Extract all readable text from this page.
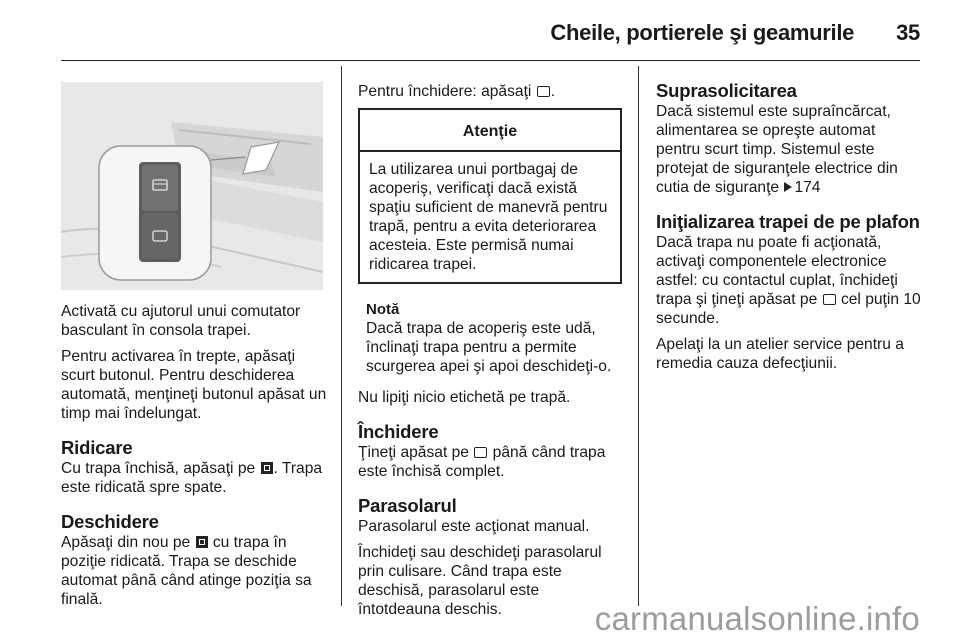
Cheile, portierele şi geamurile 35

Activată cu ajutorul unui comutator basculant în consola trapei.

Pentru activarea în trepte, apăsaţi scurt butonul. Pentru deschiderea automată, menţineţi butonul apăsat un timp mai îndelungat.

Ridicare

Cu trapa închisă, apăsaţi pe . Trapa este ridicată spre spate.

Deschidere

Apăsaţi din nou pe cu trapa în poziţie ridicată. Trapa se deschide automat până când atinge poziţia sa finală.

Pentru închidere: apăsaţi .

Atenţie
La utilizarea unui portbagaj de acoperiş, verificaţi dacă există spaţiu suficient de manevră pentru trapă, pentru a evita deteriorarea acesteia. Este permisă numai ridicarea trapei.
Notă
Dacă trapa de acoperiş este udă, înclinaţi trapa pentru a permite scurgerea apei şi apoi deschideţi-o.

Nu lipiţi nicio etichetă pe trapă.

Închidere

Ţineţi apăsat pe până când trapa este închisă complet.

Parasolarul

Parasolarul este acţionat manual.

Închideţi sau deschideţi parasolarul prin culisare. Când trapa este deschisă, parasolarul este întotdeauna deschis.

Suprasolicitarea

Dacă sistemul este supraîncărcat, alimentarea se opreşte automat pentru scurt timp. Sistemul este protejat de siguranţele electrice din cutia de siguranţe 174

Iniţializarea trapei de pe plafon

Dacă trapa nu poate fi acţionată, activaţi componentele electronice astfel: cu contactul cuplat, închideţi trapa şi ţineţi apăsat pe cel puţin 10 secunde.

Apelaţi la un atelier service pentru a remedia cauza defecţiunii.

carmanualsonline.info
